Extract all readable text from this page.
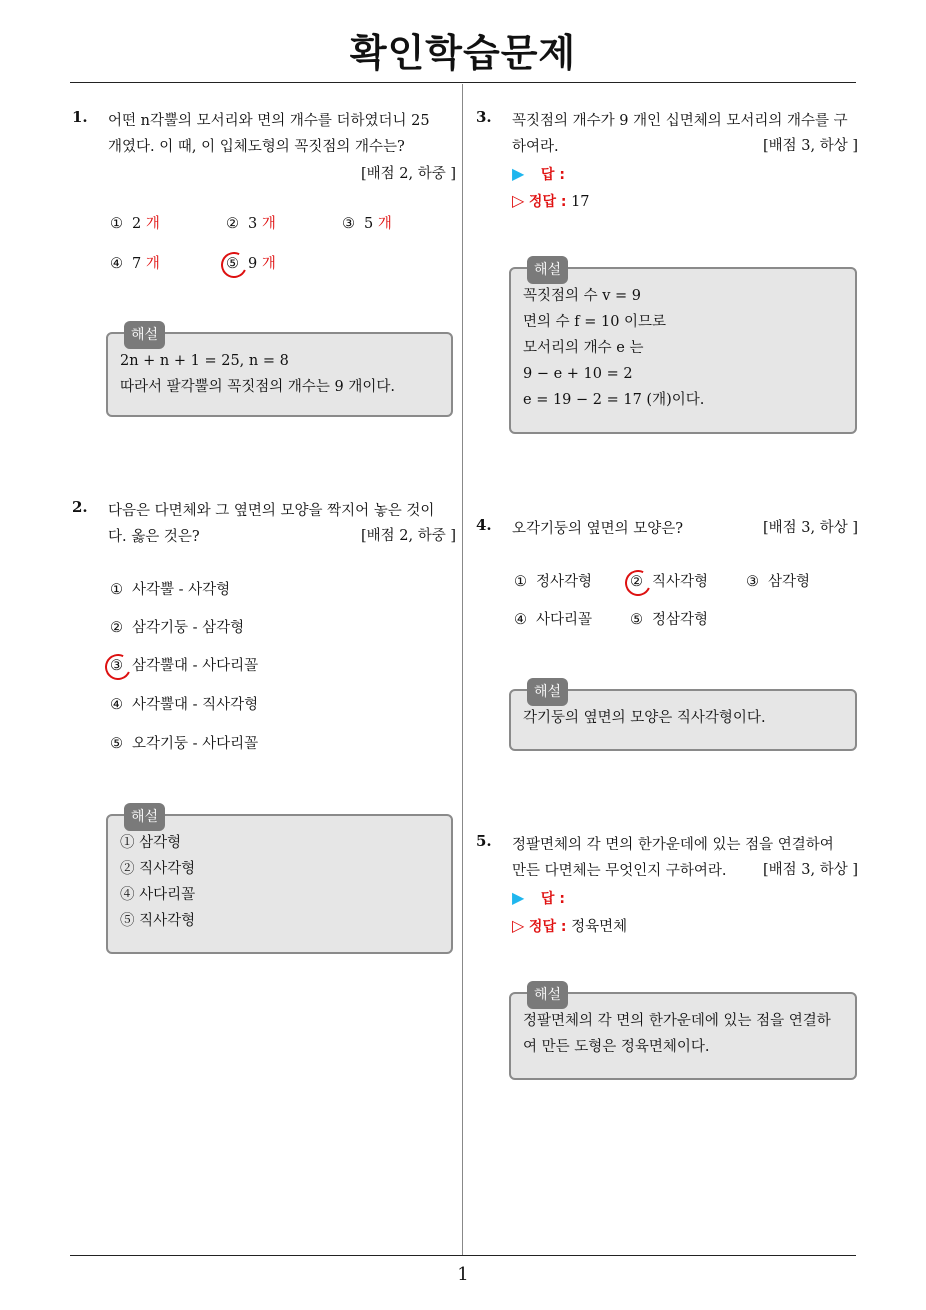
확인학습문제
1
1. 어떤 n각뿔의 모서리와 면의 개수를 더하였더니 25
개였다. 이 때, 이 입체도형의 꼭짓점의 개수는?
[배점 2, 하중 ]
① 2 개	② 3 개	③ 5 개
④ 7 개	⑤ 9 개
해설
2n + n + 1 = 25, n = 8
따라서 팔각뿔의 꼭짓점의 개수는 9 개이다.
2. 다음은 다면체와 그 옆면의 모양을 짝지어 놓은 것이
다. 옳은 것은?	[배점 2, 하중 ]
① 사각뿔 - 사각형
② 삼각기둥 - 삼각형
③ 삼각뿔대 - 사다리꼴
④ 사각뿔대 - 직사각형
⑤ 오각기둥 - 사다리꼴
해설
① 삼각형
② 직사각형
④ 사다리꼴
⑤ 직사각형
3. 꼭짓점의 개수가 9 개인 십면체의 모서리의 개수를 구
하여라.	[배점 3, 하상 ]
▶ 답 :
▷ 정답 : 17
해설
꼭짓점의 수 v = 9
면의 수 f = 10 이므로
모서리의 개수 e 는
9 − e + 10 = 2
e = 19 − 2 = 17 (개)이다.
4. 오각기둥의 옆면의 모양은?	[배점 3, 하상 ]
① 정사각형	② 직사각형	③ 삼각형
④ 사다리꼴	⑤ 정삼각형
해설
각기둥의 옆면의 모양은 직사각형이다.
5. 정팔면체의 각 면의 한가운데에 있는 점을 연결하여
만든 다면체는 무엇인지 구하여라.	[배점 3, 하상 ]
▶ 답 :
▷ 정답 : 정육면체
해설
정팔면체의 각 면의 한가운데에 있는 점을 연결하
여 만든 도형은 정육면체이다.
